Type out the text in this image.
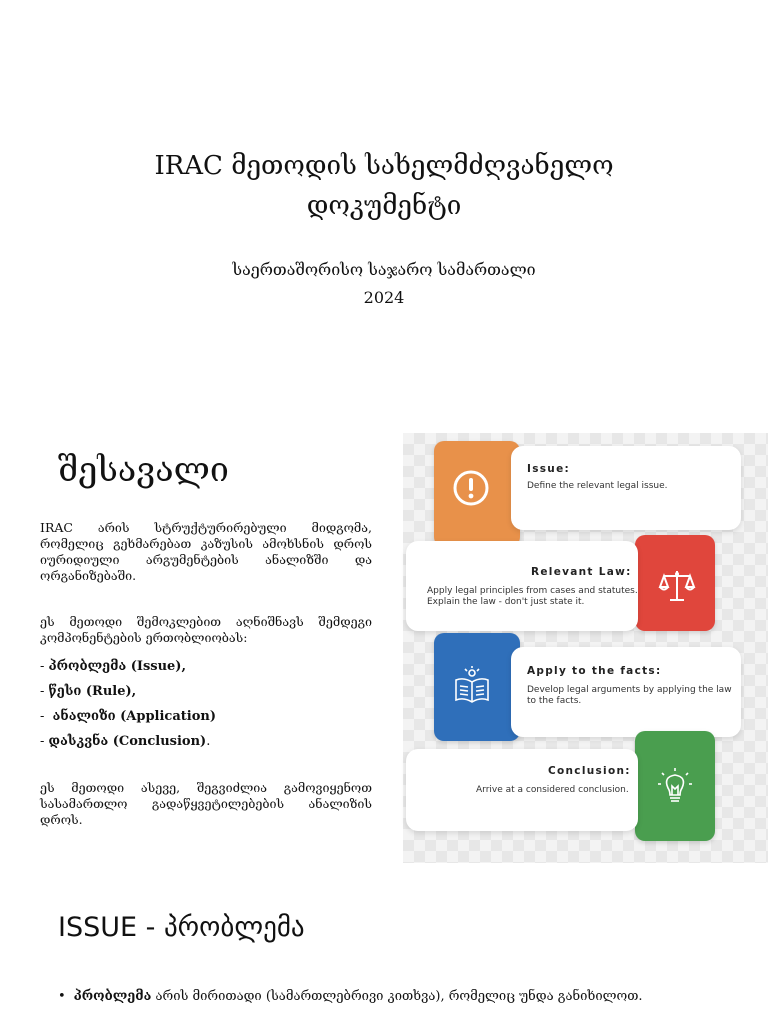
IRAC მეთოდის სახელმძღვანელო
დოკუმენტი
საერთაშორისო საჯარო სამართალი
2024
შესავალი

IRAC არის სტრუქტურირებული მიდგომა, რომელიც გეხმარებათ კაზუსის ამოხსნის დროს იურიდიული არგუმენტების ანალიზში და ორგანიზებაში.

ეს მეთოდი შემოკლებით აღნიშნავს შემდეგი კომპონენტების ერთობლიობას:

- პრობლემა (Issue),
- წესი (Rule),
-  ანალიზი (Application)
- დასკვნა (Conclusion).

ეს მეთოდი ასევე, შეგვიძლია გამოვიყენოთ სასამართლო გადაწყვეტილებების ანალიზის დროს.

Issue:
Define the relevant legal issue.
Relevant Law:
Apply legal principles from cases and statutes. Explain the law - don't just state it.
Apply to the facts:
Develop legal arguments by applying the law to the facts.
Conclusion:
Arrive at a considered conclusion.
ISSUE - პრობლემა
• პრობლემა არის მირითადი (სამართლებრივი კითხვა), რომელიც უნდა განიხილოთ.
